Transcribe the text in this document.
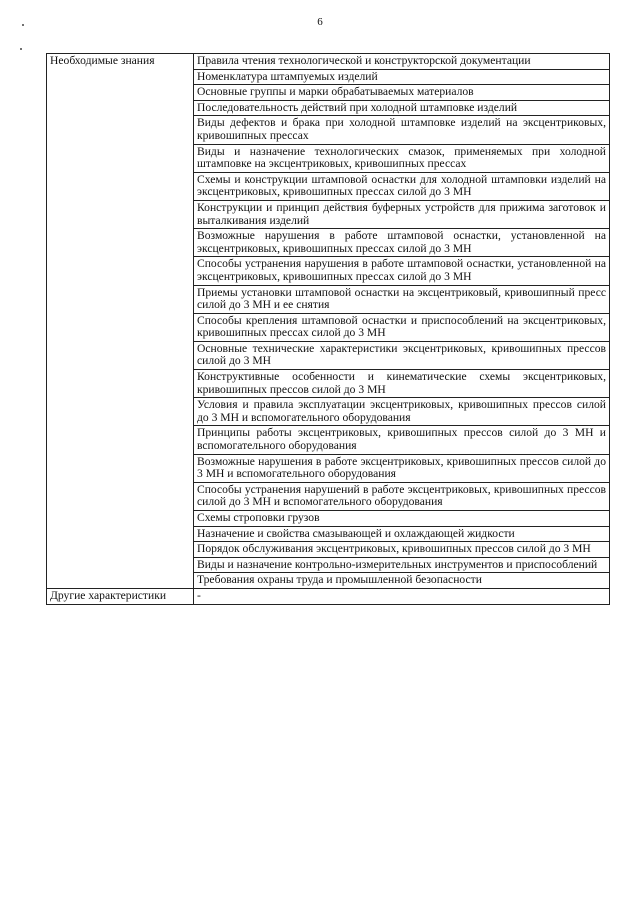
6
Необходимые знания	Правила чтения технологической и конструкторской документации
	Номенклатура штампуемых изделий
	Основные группы и марки обрабатываемых материалов
	Последовательность действий при холодной штамповке изделий
	Виды дефектов и брака при холодной штамповке изделий на эксцентриковых, кривошипных прессах
	Виды и назначение технологических смазок, применяемых при холодной штамповке на эксцентриковых, кривошипных прессах
	Схемы и конструкции штамповой оснастки для холодной штамповки изделий на эксцентриковых, кривошипных прессах силой до 3 МН
	Конструкции и принцип действия буферных устройств для прижима заготовок и выталкивания изделий
	Возможные нарушения в работе штамповой оснастки, установленной на эксцентриковых, кривошипных прессах силой до 3 МН
	Способы устранения нарушения в работе штамповой оснастки, установленной на эксцентриковых, кривошипных прессах силой до 3 МН
	Приемы установки штамповой оснастки на эксцентриковый, кривошипный пресс силой до 3 МН и ее снятия
	Способы крепления штамповой оснастки и приспособлений на эксцентриковых, кривошипных прессах силой до 3 МН
	Основные технические характеристики эксцентриковых, кривошипных прессов силой до 3 МН
	Конструктивные особенности и кинематические схемы эксцентриковых, кривошипных прессов силой до 3 МН
	Условия и правила эксплуатации эксцентриковых, кривошипных прессов силой до 3 МН и вспомогательного оборудования
	Принципы работы эксцентриковых, кривошипных прессов силой до 3 МН и вспомогательного оборудования
	Возможные нарушения в работе эксцентриковых, кривошипных прессов силой до 3 МН и вспомогательного оборудования
	Способы устранения нарушений в работе эксцентриковых, кривошипных прессов силой до 3 МН и вспомогательного оборудования
	Схемы строповки грузов
	Назначение и свойства смазывающей и охлаждающей жидкости
	Порядок обслуживания эксцентриковых, кривошипных прессов силой до 3 МН
	Виды и назначение контрольно-измерительных инструментов и приспособлений
	Требования охраны труда и промышленной безопасности
Другие характеристики	-
